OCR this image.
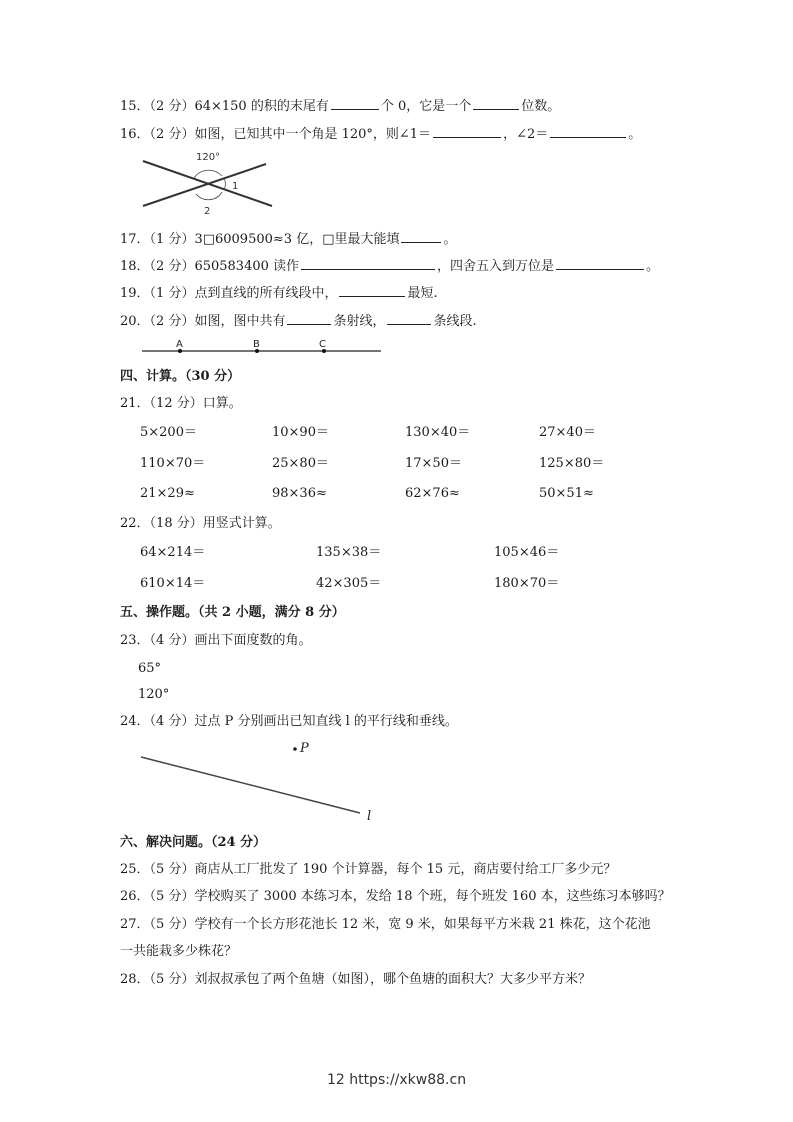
15．（2 分）64×150 的积的末尾有	个 0，它是一个	位数。
16．（2 分）如图，已知其中一个角是 120°，则∠1＝	，∠2＝	。
120°
1
2
17．（1 分）3□6009500≈3 亿，□里最大能填	。
18．（2 分）650583400 读作	，四舍五入到万位是	。
19．（1 分）点到直线的所有线段中，	最短.
20．（2 分）如图，图中共有	条射线，	条线段.
A	B	C
四、计算。（30 分）
21．（12 分）口算。
5×200＝	10×90＝	130×40＝	27×40＝
110×70＝	25×80＝	17×50＝	125×80＝
21×29≈	98×36≈	62×76≈	50×51≈
22．（18 分）用竖式计算。
64×214＝	135×38＝	105×46＝
610×14＝	42×305＝	180×70＝
五、操作题。（共 2 小题，满分 8 分）
23．（4 分）画出下面度数的角。
65°
120°
24．（4 分）过点 P 分别画出已知直线 l 的平行线和垂线。
P
l
六、解决问题。（24 分）
25．（5 分）商店从工厂批发了 190 个计算器，每个 15 元，商店要付给工厂多少元？
26．（5 分）学校购买了 3000 本练习本，发给 18 个班，每个班发 160 本，这些练习本够吗？
27．（5 分）学校有一个长方形花池长 12 米，宽 9 米，如果每平方米栽 21 株花，这个花池
一共能栽多少株花？
28．（5 分）刘叔叔承包了两个鱼塘（如图），哪个鱼塘的面积大？大多少平方米？
12 https://xkw88.cn
